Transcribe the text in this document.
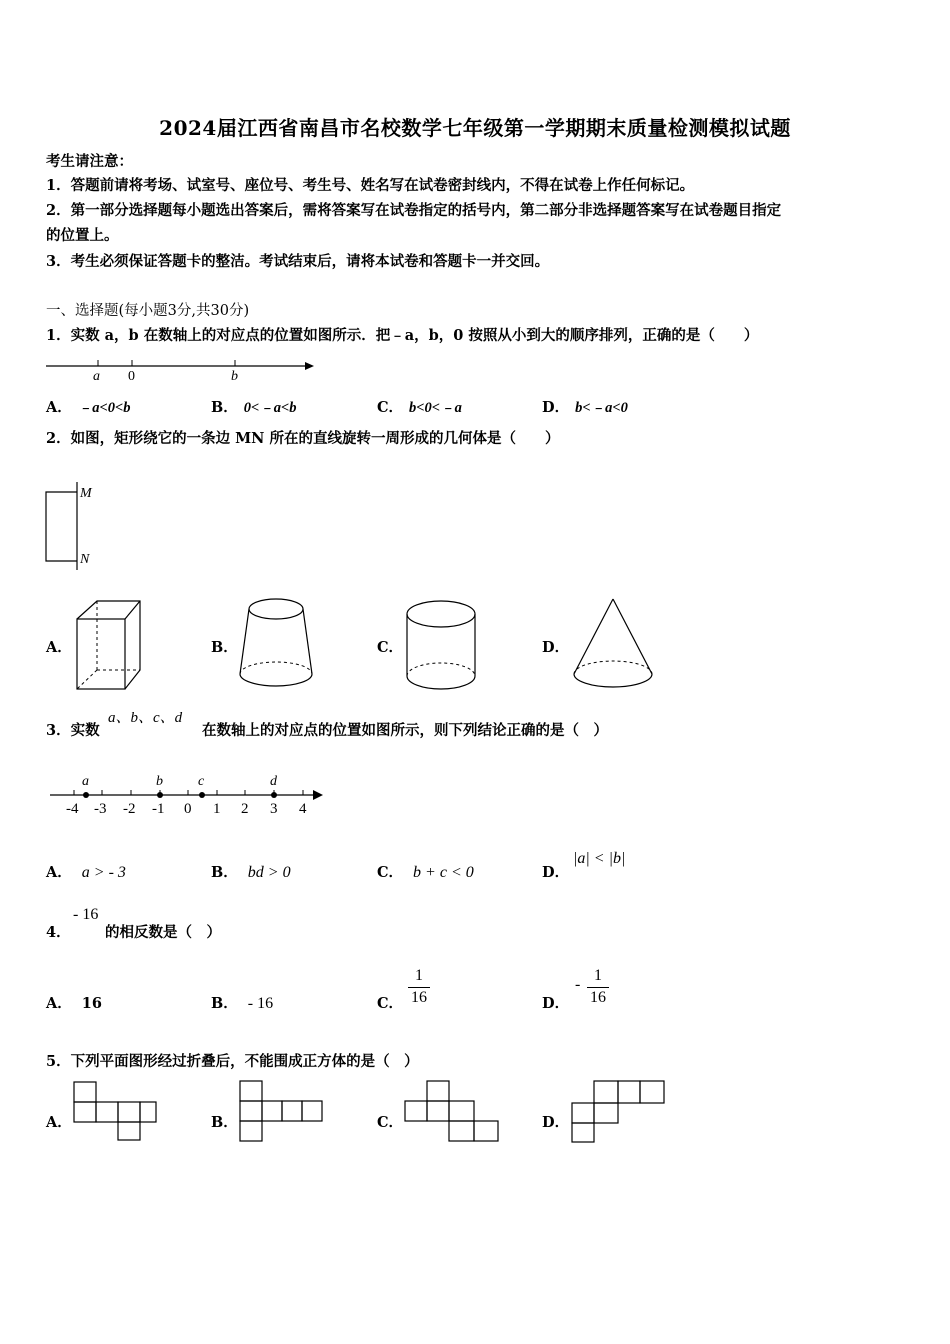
2024届江西省南昌市名校数学七年级第一学期期末质量检测模拟试题
考生请注意：
1．答题前请将考场、试室号、座位号、考生号、姓名写在试卷密封线内，不得在试卷上作任何标记。
2．第一部分选择题每小题选出答案后，需将答案写在试卷指定的括号内，第二部分非选择题答案写在试卷题目指定
的位置上。
3．考生必须保证答题卡的整洁。考试结束后，请将本试卷和答题卡一并交回。
一、选择题(每小题3分,共30分)
1．实数 a，b 在数轴上的对应点的位置如图所示．把﹣a，b，0 按照从小到大的顺序排列，正确的是（　　）
a 0	b
A． ﹣a<0<b	B． 0<﹣a<b	C． b<0<﹣a	D． b<﹣a<0
2．如图，矩形绕它的一条边 MN 所在的直线旋转一周形成的几何体是（　　）
M
N
A．	B．	C．	D．
3．实数
a、b、c、d
在数轴上的对应点的位置如图所示，则下列结论正确的是（　）
a	b	c	d
-4 -3 -2 -1 0 1 2 3 4
A． a > - 3	B． bd > 0	C． b + c < 0	D．
|a| < |b|
4．
- 16
的相反数是（　）
A． 16	B． - 16	C． $\frac{1}{16}$	D．
- $\frac{1}{16}$
5．下列平面图形经过折叠后，不能围成正方体的是（　）
A．	B．	C．	D．
